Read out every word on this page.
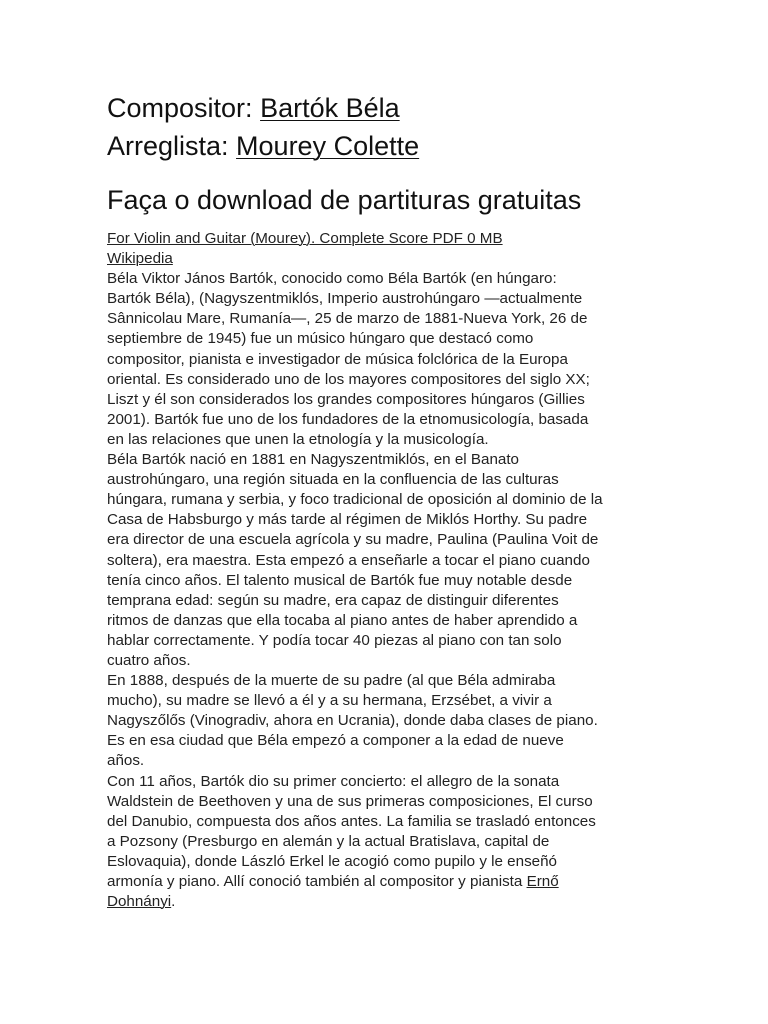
Compositor: Bartók Béla
Arreglista: Mourey Colette
Faça o download de partituras gratuitas
For Violin and Guitar (Mourey). Complete Score PDF 0 MB
Wikipedia

Béla Viktor János Bartók, conocido como Béla Bartók (en húngaro:
Bartók Béla), (Nagyszentmiklós, Imperio austrohúngaro —actualmente
Sânnicolau Mare, Rumanía—, 25 de marzo de 1881-Nueva York, 26 de
septiembre de 1945) fue un músico húngaro que destacó como
compositor, pianista e investigador de música folclórica de la Europa
oriental. Es considerado uno de los mayores compositores del siglo XX;
Liszt y él son considerados los grandes compositores húngaros (Gillies
2001). Bartók fue uno de los fundadores de la etnomusicología, basada
en las relaciones que unen la etnología y la musicología.

Béla Bartók nació en 1881 en Nagyszentmiklós, en el Banato
austrohúngaro, una región situada en la confluencia de las culturas
húngara, rumana y serbia, y foco tradicional de oposición al dominio de la
Casa de Habsburgo y más tarde al régimen de Miklós Horthy. Su padre
era director de una escuela agrícola y su madre, Paulina (Paulina Voit de
soltera), era maestra. Esta empezó a enseñarle a tocar el piano cuando
tenía cinco años. El talento musical de Bartók fue muy notable desde
temprana edad: según su madre, era capaz de distinguir diferentes
ritmos de danzas que ella tocaba al piano antes de haber aprendido a
hablar correctamente. Y podía tocar 40 piezas al piano con tan solo
cuatro años.

En 1888, después de la muerte de su padre (al que Béla admiraba
mucho), su madre se llevó a él y a su hermana, Erzsébet, a vivir a
Nagyszőlős (Vinogradiv, ahora en Ucrania), donde daba clases de piano.
Es en esa ciudad que Béla empezó a componer a la edad de nueve
años.

Con 11 años, Bartók dio su primer concierto: el allegro de la sonata
Waldstein de Beethoven y una de sus primeras composiciones, El curso
del Danubio, compuesta dos años antes. La familia se trasladó entonces
a Pozsony (Presburgo en alemán y la actual Bratislava, capital de
Eslovaquia), donde László Erkel le acogió como pupilo y le enseñó
armonía y piano. Allí conoció también al compositor y pianista Ernő
Dohnányi.
